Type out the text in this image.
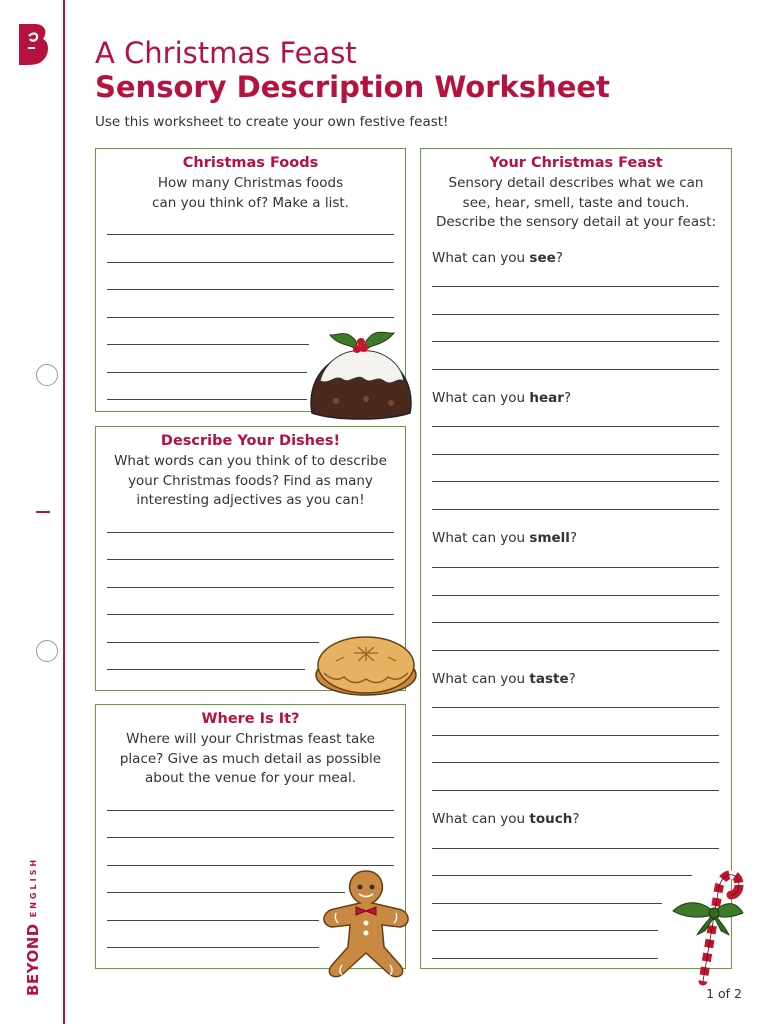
BEYONDENGLISH
A Christmas Feast
Sensory Description Worksheet
Use this worksheet to create your own festive feast!
Christmas Foods
How many Christmas foods
can you think of? Make a list.
Describe Your Dishes!
What words can you think of to describe
your Christmas foods? Find as many
interesting adjectives as you can!
Where Is It?
Where will your Christmas feast take
place? Give as much detail as possible
about the venue for your meal.
Your Christmas Feast
Sensory detail describes what we can
see, hear, smell, taste and touch.
Describe the sensory detail at your feast:
What can you see?
What can you hear?
What can you smell?
What can you taste?
What can you touch?
1 of 2
